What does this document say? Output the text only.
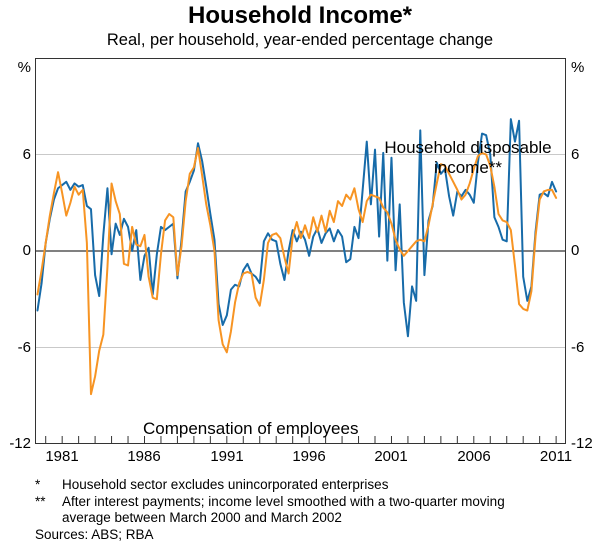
Household Income*
Real, per household, year-ended percentage change
Household disposable income**
Compensation of employees
%	%
6	6
0	0
-6	-6
-12	-12
1981	1986	1991	1996	2001	2006	2011
* Household sector excludes unincorporated enterprises
** After interest payments; income level smoothed with a two-quarter moving average between March 2000 and March 2002
Sources: ABS; RBA
